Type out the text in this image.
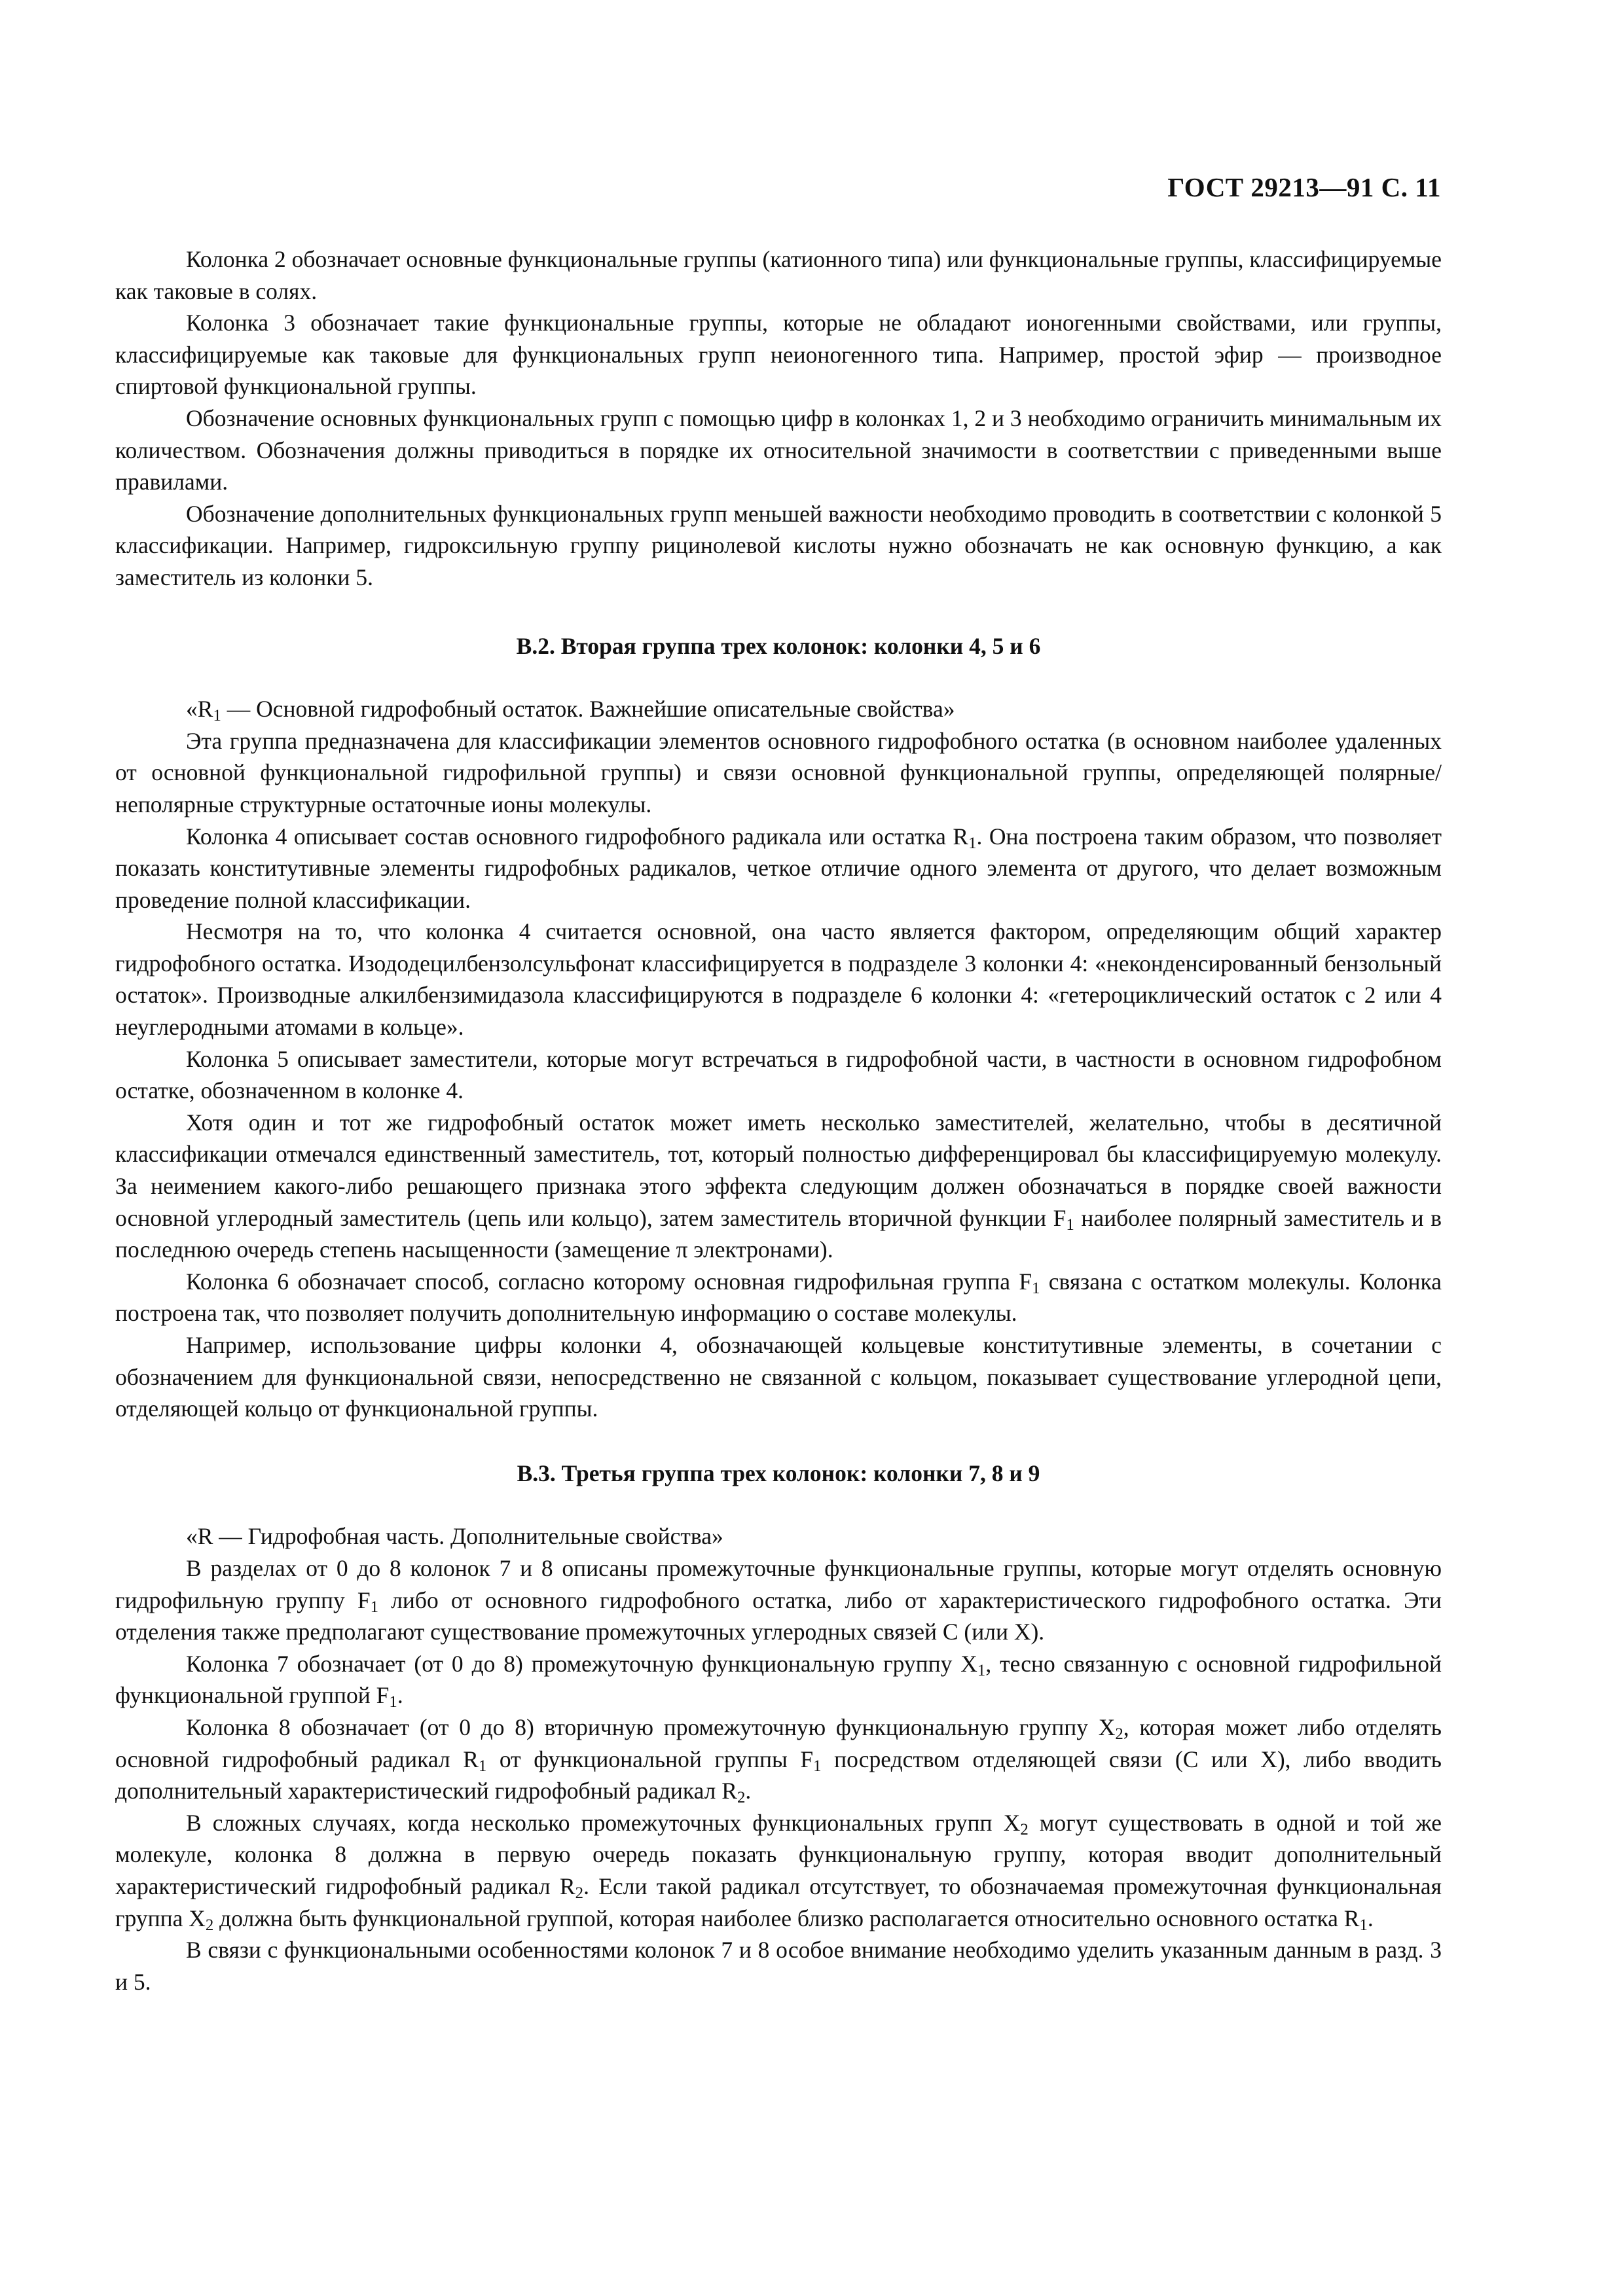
ГОСТ 29213—91 С. 11

Колонка 2 обозначает основные функциональные группы (катионного типа) или функциональные группы, классифицируемые как таковые в солях.

Колонка 3 обозначает такие функциональные группы, которые не обладают ионогенными свойствами, или группы, классифицируемые как таковые для функциональных групп неионогенного типа. Например, простой эфир — производное спиртовой функциональной группы.

Обозначение основных функциональных групп с помощью цифр в колонках 1, 2 и 3 необходимо ограничить минимальным их количеством. Обозначения должны приводиться в порядке их относительной значимости в соответствии с приведенными выше правилами.

Обозначение дополнительных функциональных групп меньшей важности необходимо проводить в соответствии с колонкой 5 классификации. Например, гидроксильную группу рицинолевой кислоты нужно обозначать не как основную функцию, а как заместитель из колонки 5.

В.2. Вторая группа трех колонок: колонки 4, 5 и 6

«$R_1$ — Основной гидрофобный остаток. Важнейшие описательные свойства»

Эта группа предназначена для классификации элементов основного гидрофобного остатка (в основном наиболее удаленных от основной функциональной гидрофильной группы) и связи основной функциональной группы, определяющей полярные/неполярные структурные остаточные ионы молекулы.

Колонка 4 описывает состав основного гидрофобного радикала или остатка $R_1$. Она построена таким образом, что позволяет показать конститутивные элементы гидрофобных радикалов, четкое отличие одного элемента от другого, что делает возможным проведение полной классификации.

Несмотря на то, что колонка 4 считается основной, она часто является фактором, определяющим общий характер гидрофобного остатка. Изододецилбензолсульфонат классифицируется в подразделе 3 колонки 4: «неконденсированный бензольный остаток». Производные алкилбензимидазола классифицируются в подразделе 6 колонки 4: «гетероциклический остаток с 2 или 4 неуглеродными атомами в кольце».

Колонка 5 описывает заместители, которые могут встречаться в гидрофобной части, в частности в основном гидрофобном остатке, обозначенном в колонке 4.

Хотя один и тот же гидрофобный остаток может иметь несколько заместителей, желательно, чтобы в десятичной классификации отмечался единственный заместитель, тот, который полностью дифференцировал бы классифицируемую молекулу. За неимением какого-либо решающего признака этого эффекта следующим должен обозначаться в порядке своей важности основной углеродный заместитель (цепь или кольцо), затем заместитель вторичной функции $F_1$ наиболее полярный заместитель и в последнюю очередь степень насыщенности (замещение π электронами).

Колонка 6 обозначает способ, согласно которому основная гидрофильная группа $F_1$ связана с остатком молекулы. Колонка построена так, что позволяет получить дополнительную информацию о составе молекулы.

Например, использование цифры колонки 4, обозначающей кольцевые конститутивные элементы, в сочетании с обозначением для функциональной связи, непосредственно не связанной с кольцом, показывает существование углеродной цепи, отделяющей кольцо от функциональной группы.

В.3. Третья группа трех колонок: колонки 7, 8 и 9

«R — Гидрофобная часть. Дополнительные свойства»

В разделах от 0 до 8 колонок 7 и 8 описаны промежуточные функциональные группы, которые могут отделять основную гидрофильную группу $F_1$ либо от основного гидрофобного остатка, либо от характеристического гидрофобного остатка. Эти отделения также предполагают существование промежуточных углеродных связей С (или Х).

Колонка 7 обозначает (от 0 до 8) промежуточную функциональную группу $X_1$, тесно связанную с основной гидрофильной функциональной группой $F_1$.

Колонка 8 обозначает (от 0 до 8) вторичную промежуточную функциональную группу $X_2$, которая может либо отделять основной гидрофобный радикал $R_1$ от функциональной группы $F_1$ посредством отделяющей связи (С или Х), либо вводить дополнительный характеристический гидрофобный радикал $R_2$.

В сложных случаях, когда несколько промежуточных функциональных групп $X_2$ могут существовать в одной и той же молекуле, колонка 8 должна в первую очередь показать функциональную группу, которая вводит дополнительный характеристический гидрофобный радикал $R_2$. Если такой радикал отсутствует, то обозначаемая промежуточная функциональная группа $X_2$ должна быть функциональной группой, которая наиболее близко располагается относительно основного остатка $R_1$.

В связи с функциональными особенностями колонок 7 и 8 особое внимание необходимо уделить указанным данным в разд. 3 и 5.
